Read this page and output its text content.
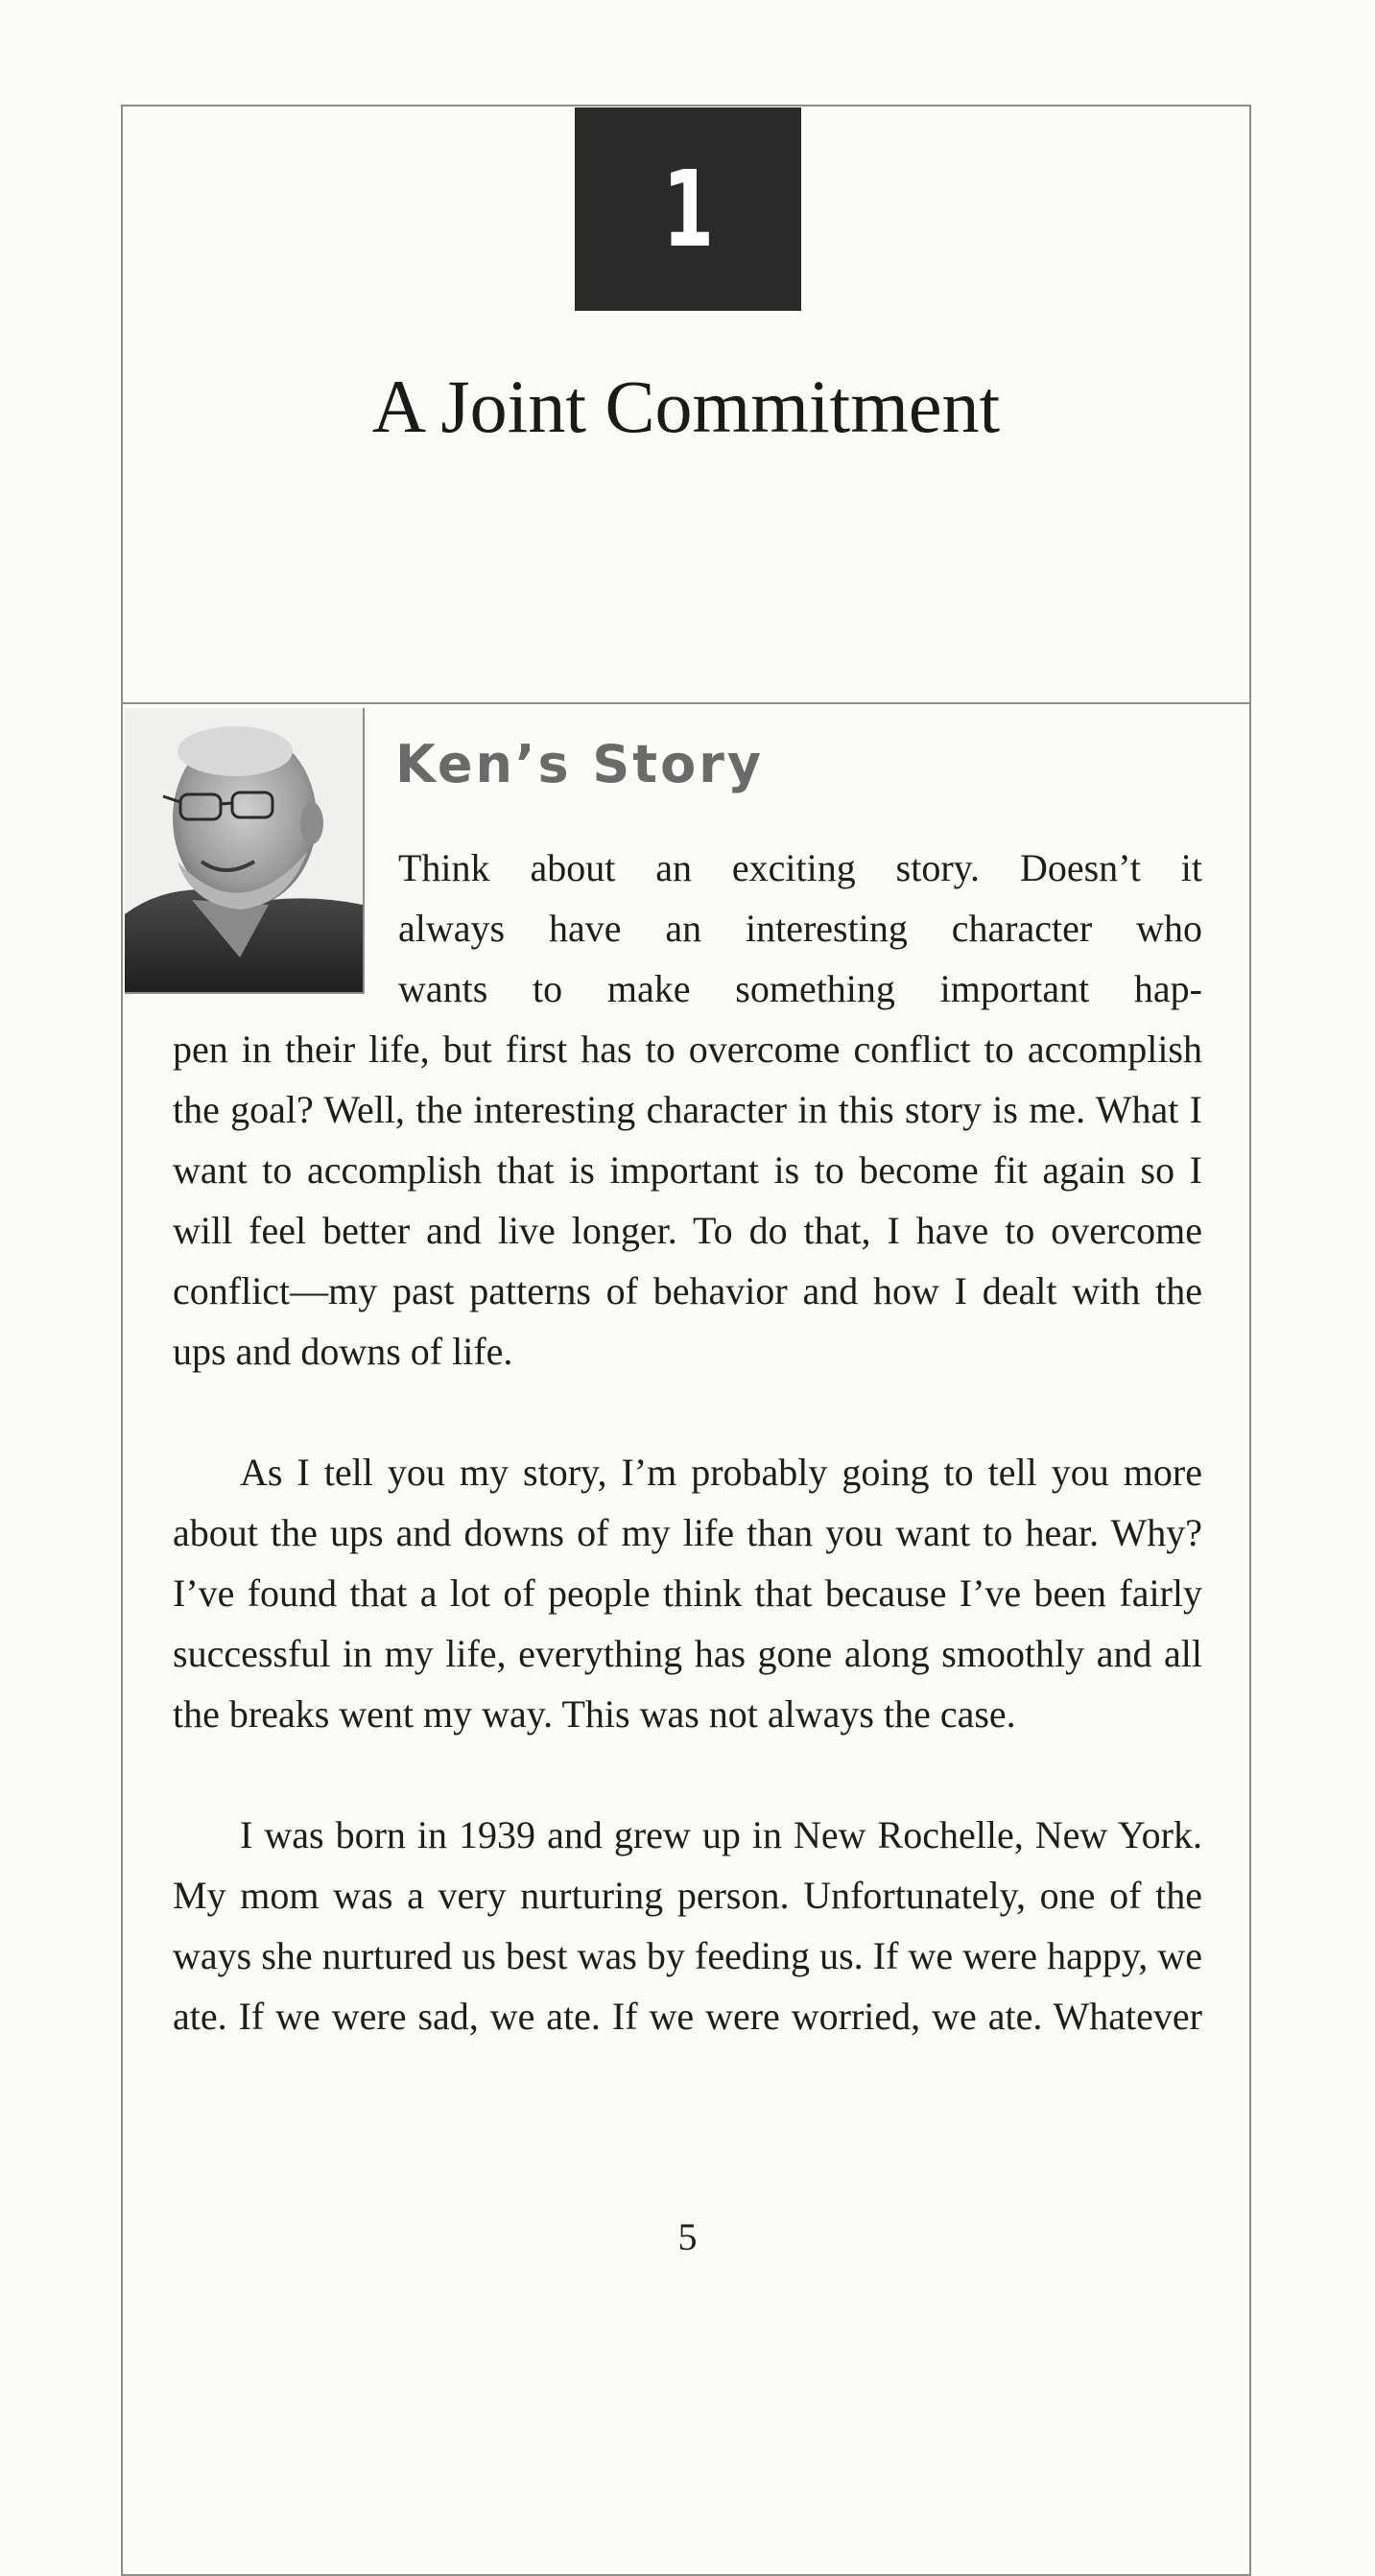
1
A Joint Commitment
Ken’s Story
Think about an exciting story. Doesn’t it
always have an interesting character who
wants to make something important hap-
pen in their life, but first has to overcome conflict to accomplish the goal? Well, the interesting character in this story is me. What I want to accomplish that is important is to become fit again so I will feel better and live longer. To do that, I have to overcome conflict—my past patterns of behavior and how I dealt with the ups and downs of life.
As I tell you my story, I’m probably going to tell you more about the ups and downs of my life than you want to hear. Why? I’ve found that a lot of people think that because I’ve been fairly successful in my life, everything has gone along smoothly and all the breaks went my way. This was not always the case.
I was born in 1939 and grew up in New Rochelle, New York. My mom was a very nurturing person. Unfortunately, one of the ways she nurtured us best was by feeding us. If we were happy, we ate. If we were sad, we ate. If we were worried, we ate. Whatever
5
